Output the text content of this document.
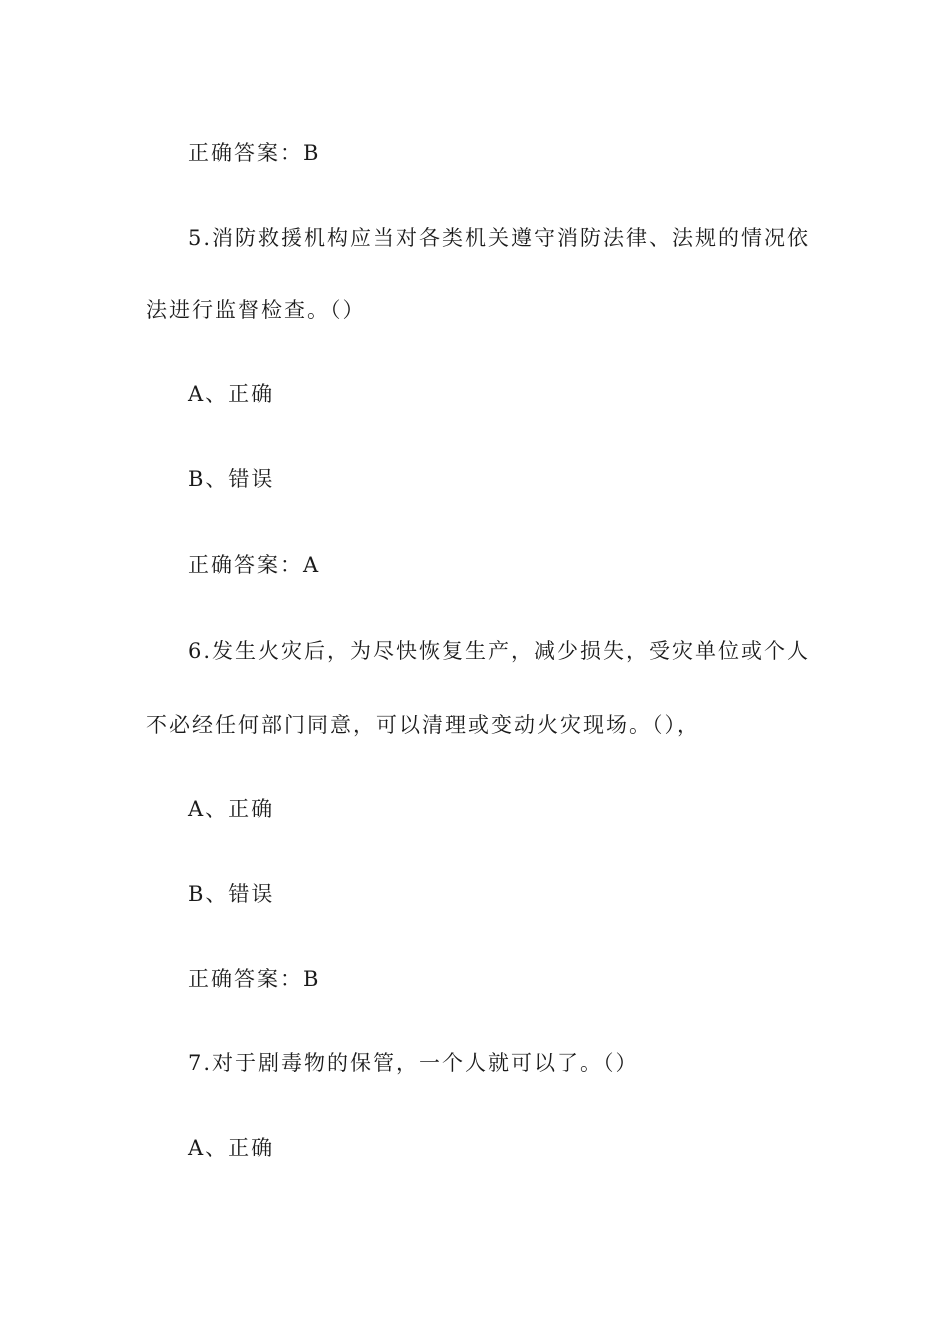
正确答案：B
5.消防救援机构应当对各类机关遵守消防法律、法规的情况依
法进行监督检查。（）
A、正确
B、错误
正确答案：A
6.发生火灾后，为尽快恢复生产，减少损失，受灾单位或个人
不必经任何部门同意，可以清理或变动火灾现场。（），
A、正确
B、错误
正确答案：B
7.对于剧毒物的保管，一个人就可以了。（）
A、正确
